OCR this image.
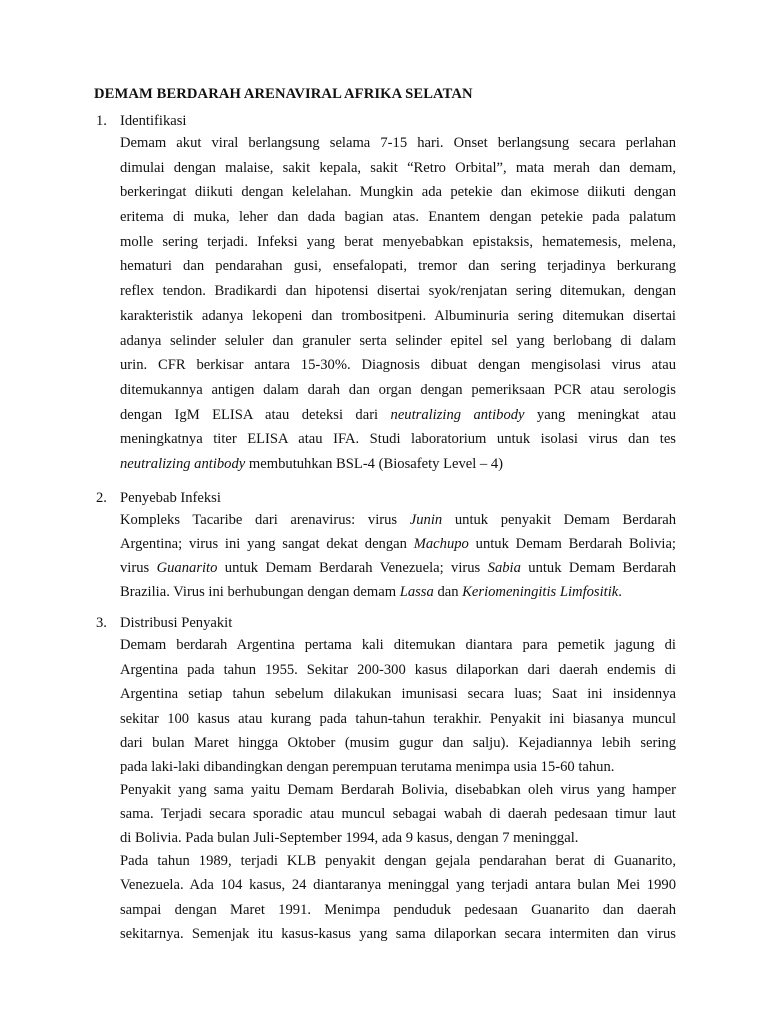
DEMAM BERDARAH ARENAVIRAL AFRIKA SELATAN
1. Identifikasi
Demam akut viral berlangsung selama 7-15 hari. Onset berlangsung secara perlahan
dimulai dengan malaise, sakit kepala, sakit “Retro Orbital”, mata merah dan demam,
berkeringat diikuti dengan kelelahan. Mungkin ada petekie dan ekimose diikuti dengan
eritema di muka, leher dan dada bagian atas. Enantem dengan petekie pada palatum
molle sering terjadi. Infeksi yang berat menyebabkan epistaksis, hematemesis, melena,
hematuri dan pendarahan gusi, ensefalopati, tremor dan sering terjadinya berkurang
reflex tendon. Bradikardi dan hipotensi disertai syok/renjatan sering ditemukan, dengan
karakteristik adanya lekopeni dan trombositpeni. Albuminuria sering ditemukan disertai
adanya selinder seluler dan granuler serta selinder epitel sel yang berlobang di dalam
urin. CFR berkisar antara 15-30%. Diagnosis dibuat dengan mengisolasi virus atau
ditemukannya antigen dalam darah dan organ dengan pemeriksaan PCR atau serologis
dengan IgM ELISA atau deteksi dari neutralizing antibody yang meningkat atau
meningkatnya titer ELISA atau IFA. Studi laboratorium untuk isolasi virus dan tes
neutralizing antibody membutuhkan BSL-4 (Biosafety Level – 4)
2. Penyebab Infeksi
Kompleks Tacaribe dari arenavirus: virus Junin untuk penyakit Demam Berdarah
Argentina; virus ini yang sangat dekat dengan Machupo untuk Demam Berdarah Bolivia;
virus Guanarito untuk Demam Berdarah Venezuela; virus Sabia untuk Demam Berdarah
Brazilia. Virus ini berhubungan dengan demam Lassa dan Keriomeningitis Limfositik.
3. Distribusi Penyakit
Demam berdarah Argentina pertama kali ditemukan diantara para pemetik jagung di
Argentina pada tahun 1955. Sekitar 200-300 kasus dilaporkan dari daerah endemis di
Argentina setiap tahun sebelum dilakukan imunisasi secara luas; Saat ini insidennya
sekitar 100 kasus atau kurang pada tahun-tahun terakhir. Penyakit ini biasanya muncul
dari bulan Maret hingga Oktober (musim gugur dan salju). Kejadiannya lebih sering
pada laki-laki dibandingkan dengan perempuan terutama menimpa usia 15-60 tahun.
Penyakit yang sama yaitu Demam Berdarah Bolivia, disebabkan oleh virus yang hamper
sama. Terjadi secara sporadic atau muncul sebagai wabah di daerah pedesaan timur laut
di Bolivia. Pada bulan Juli-September 1994, ada 9 kasus, dengan 7 meninggal.
Pada tahun 1989, terjadi KLB penyakit dengan gejala pendarahan berat di Guanarito,
Venezuela. Ada 104 kasus, 24 diantaranya meninggal yang terjadi antara bulan Mei 1990
sampai dengan Maret 1991. Menimpa penduduk pedesaan Guanarito dan daerah
sekitarnya. Semenjak itu kasus-kasus yang sama dilaporkan secara intermiten dan virus
